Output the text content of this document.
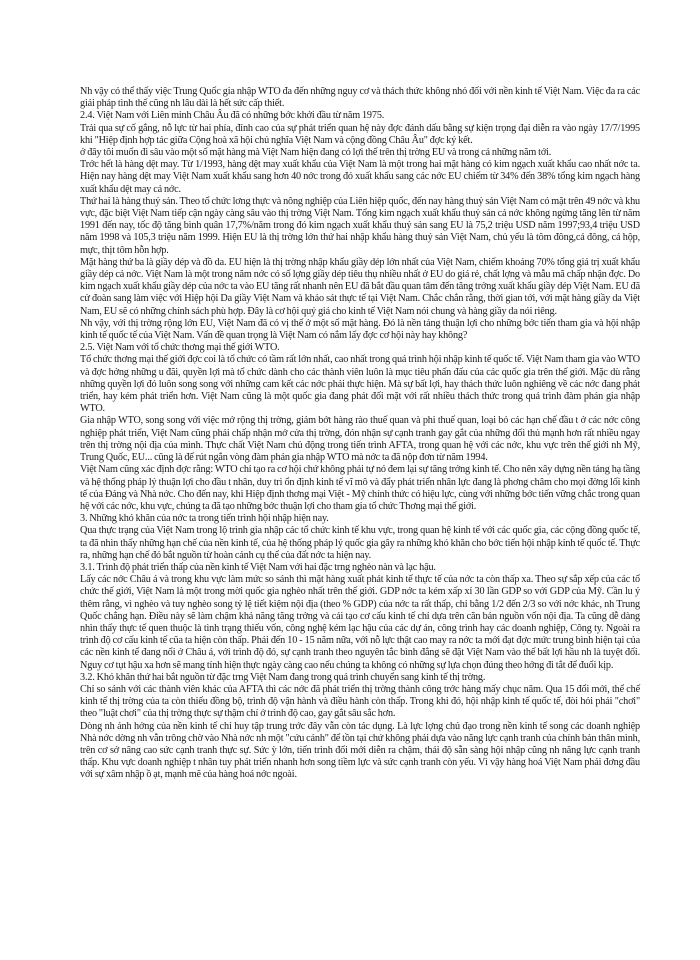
Nh vậy có thể thấy việc Trung Quốc gia nhập WTO đa đến những nguy cơ và thách thức không nhỏ đối với nền kinh tế Việt Nam. Việc đa ra các giải pháp tình thế cũng nh lâu dài là hết sức cấp thiết.

2.4. Việt Nam với Liên minh Châu Âu đã có những bớc khởi đầu từ năm 1975.

Trải qua sự cố gắng, nỗ lực từ hai phía, đỉnh cao của sự phát triển quan hệ này đợc đánh dấu bằng sự kiện trọng đại diễn ra vào ngày 17/7/1995 khi "Hiệp định hợp tác giữa Cộng hoà xã hội chủ nghĩa Việt Nam và cộng đồng Châu Âu" đợc ký kết.

ở đây tôi muốn đi sâu vào một số mặt hàng mà Việt Nam hiện đang có lợi thế trên thị trờng EU và trong cả những năm tới.

Trớc hết là hàng dệt may. Từ 1/1993, hàng dệt may xuất khẩu của Việt Nam là một trong hai mặt hàng có kim ngạch xuất khẩu cao nhất nớc ta. Hiện nay hàng dệt may Việt Nam xuất khẩu sang hơn 40 nớc trong đó xuất khẩu sang các nớc EU chiếm từ 34% đến 38% tổng kim ngạch hàng xuất khẩu dệt may cả nớc.

Thứ hai là hàng thuỷ sản. Theo tổ chức lơng thực và nông nghiệp của Liên hiệp quốc, đến nay hàng thuỷ sản Việt Nam có mặt trên 49 nớc và khu vực, đặc biệt Việt Nam tiếp cận ngày càng sâu vào thị trờng Việt Nam. Tổng kim ngạch xuất khẩu thuỷ sản cả nớc không ngừng tăng lên từ năm 1991 đến nay, tốc độ tăng bình quân 17,7%/năm trong đó kim ngạch xuất khẩu thuỷ sản sang EU là 75,2 triệu USD năm 1997;93,4 triệu USD năm 1998 và 105,3 triệu năm 1999. Hiện EU là thị trờng lớn thứ hai nhập khẩu hàng thuỷ sản Việt Nam, chủ yếu là tôm đông,cá đông, cá hộp, mực, thịt tôm hỗn hợp.

Mặt hàng thứ ba là giầy dép và đồ da. EU hiện là thị trờng nhập khẩu giầy dép lớn nhất của Việt Nam, chiếm khoảng 70% tổng giá trị xuất khẩu giầy dép cả nớc. Việt Nam là một trong năm nớc có số lợng giầy dép tiêu thụ nhiều nhất ở EU do giá rẻ, chất lợng và mẫu mã chấp nhận đợc. Do kim ngạch xuất khẩu giầy dép của nớc ta vào EU tăng rất nhanh nên EU đã bắt đầu quan tâm đến tăng trởng xuất khẩu giầy dép Việt Nam. EU đã cử đoàn sang làm việc với Hiệp hội Da giầy Việt Nam và khảo sát thực tế tại Việt Nam. Chắc chắn rằng, thời gian tới, với mặt hàng giầy da Việt Nam, EU sẽ có những chính sách phù hợp. Đây là cơ hội quý giá cho kinh tế Việt Nam nói chung và hàng giầy da nói riêng.

Nh vậy, với thị trờng rộng lớn EU, Việt Nam đã có vị thế ở một số mặt hàng. Đó là nền tảng thuận lợi cho những bớc tiến tham gia và hội nhập kinh tế quốc tế của Việt Nam. Vấn đề quan trọng là Việt Nam có nắm lấy đợc cơ hội này hay không?

2.5. Việt Nam với tổ chức thơng mại thế giới WTO.

Tổ chức thơng mại thế giới đợc coi là tổ chức có tầm rất lớn nhất, cao nhất trong quá trình hội nhập kinh tế quốc tế. Việt Nam tham gia vào WTO và đợc hởng những u đãi, quyền lợi mà tổ chức dành cho các thành viên luôn là mục tiêu phấn đấu của các quốc gia trên thế giới. Mặc dù rằng những quyền lợi đó luôn song song với những cam kết các nớc phải thực hiện. Mà sự bất lợi, hay thách thức luôn nghiêng về các nớc đang phát triển, hay kém phát triển hơn. Việt Nam cũng là một quốc gia đang phát đối mặt với rất nhiều thách thức trong quá trình đàm phán gia nhập WTO.

Gia nhập WTO, song song với việc mở rộng thị trờng, giảm bớt hàng rào thuế quan và phi thuế quan, loại bỏ các hạn chế đầu t ở các nớc công nghiệp phát triển, Việt Nam cũng phải chấp nhận mở cửa thị trờng, đón nhận sự cạnh tranh gay gắt của những đối thủ mạnh hơn rất nhiều ngay trên thị trờng nội địa của mình. Thực chất Việt Nam chủ động trong tiến trình AFTA, trong quan hệ với các nớc, khu vực trên thế giới nh Mỹ, Trung Quốc, EU... cũng là để rút ngắn vòng đàm phán gia nhập WTO mà nớc ta đã nộp đơn từ năm 1994.

Việt Nam cũng xác định đợc rằng: WTO chỉ tạo ra cơ hội chứ không phải tự nó đem lại sự tăng trởng kinh tế. Cho nên xây dựng nền tảng hạ tầng và hệ thống pháp lý thuận lợi cho đầu t nhân, duy trì ổn định kinh tế vĩ mô và đẩy phát triển nhân lực đang là phơng châm cho mọi đờng lối kinh tế của Đảng và Nhà nớc. Cho đến nay, khi Hiệp định thơng mại Việt - Mỹ chính thức có hiệu lực, cùng với những bớc tiến vững chắc trong quan hệ với các nớc, khu vực, chúng ta đã tạo những bớc thuận lợi cho tham gia tổ chức Thơng mại thế giới.

3. Những khó khăn của nớc ta trong tiến trình hội nhập hiện nay.

Qua thực trạng của Việt Nam trong lộ trình gia nhập các tổ chức kinh tế khu vực, trong quan hệ kinh tế với các quốc gia, các cộng đồng quốc tế, ta đã nhìn thấy những hạn chế của nền kinh tế, của hệ thống pháp lý quốc gia gây ra những khó khăn cho bớc tiến hội nhập kinh tế quốc tế. Thực ra, những hạn chế đó bắt nguồn từ hoàn cảnh cụ thể của đất nớc ta hiện nay.

3.1. Trình độ phát triển thấp của nền kinh tế Việt Nam với hai đặc trng nghèo nàn và lạc hậu.

Lấy các nớc Châu á và trong khu vực làm mức so sánh thì mặt hàng xuất phát kinh tế thực tế của nớc ta còn thấp xa. Theo sự sắp xếp của các tổ chức thế giới, Việt Nam là một trong mời quốc gia nghèo nhất trên thế giới. GDP nớc ta kém xấp xỉ 30 lần GDP so với GDP của Mỹ. Cần lu ý thêm rằng, vì nghèo và tuy nghèo song tỷ lệ tiết kiệm nội địa (theo % GDP) của nớc ta rất thấp, chỉ bằng 1/2 đến 2/3 so với nớc khác, nh Trung Quốc chẳng hạn. Điều này sẽ làm chậm khả năng tăng trởng và cải tạo cơ cấu kinh tế chỉ dựa trên căn bản nguồn vốn nội địa. Ta cũng dễ dàng nhìn thấy thực tế quen thuộc là tình trạng thiếu vốn, công nghệ kém lạc hậu của các dự án, công trình hay các doanh nghiệp, Công ty. Ngoài ra trình độ cơ cấu kinh tế cũa ta hiện còn thấp. Phải đến 10 - 15 năm nữa, với nỗ lực thật cao may ra nớc ta mới đạt đợc mức trung bình hiện tại của các nền kinh tế đang nổi ở Châu á, với trình độ đó, sự cạnh tranh theo nguyên tắc bình đẳng sẽ đặt Việt Nam vào thế bất lợi hầu nh là tuyệt đối. Nguy cơ tụt hậu xa hơn sẽ mang tính hiện thực ngày càng cao nếu chúng ta không có những sự lựa chọn đúng theo hớng đi tắt để đuổi kịp.

3.2. Khó khăn thứ hai bắt nguồn từ đặc trng Việt Nam đang trong quá trình chuyển sang kinh tế thị trờng.

Chỉ so sánh với các thành viên khác của AFTA thì các nớc đã phát triển thị trờng thành công trớc hàng mấy chục năm. Qua 15 đổi mới, thể chế kinh tế thị trờng của ta còn thiếu đồng bộ, trình độ vận hành và điều hành còn thấp. Trong khi đó, hội nhập kinh tế quốc tế, đòi hỏi phải "chơi" theo "luật chơi" của thị trờng thực sự thậm chí ở trình độ cao, gay gắt sâu sắc hơn.

Dòng nh ảnh hởng của nền kinh tế chỉ huy tập trung trớc đây vẫn còn tác dụng. Là lực lợng chủ đạo trong nền kinh tế song các doanh nghiệp Nhà nớc dờng nh vẫn trông chờ vào Nhà nớc nh một "cứu cánh" để tồn tại chứ không phải dựa vào năng lực cạnh tranh của chính bản thân mình, trên cơ sở nâng cao sức cạnh tranh thực sự. Sức ỳ lớn, tiến trình đổi mới diễn ra chậm, thái độ sẵn sàng hội nhập cũng nh năng lực cạnh tranh thấp. Khu vực doanh nghiệp t nhân tuy phát triển nhanh hơn song tiềm lực và sức cạnh tranh còn yếu. Vì vậy hàng hoá Việt Nam phải đơng đầu với sự xâm nhập ồ ạt, mạnh mẽ của hàng hoá nớc ngoài.
